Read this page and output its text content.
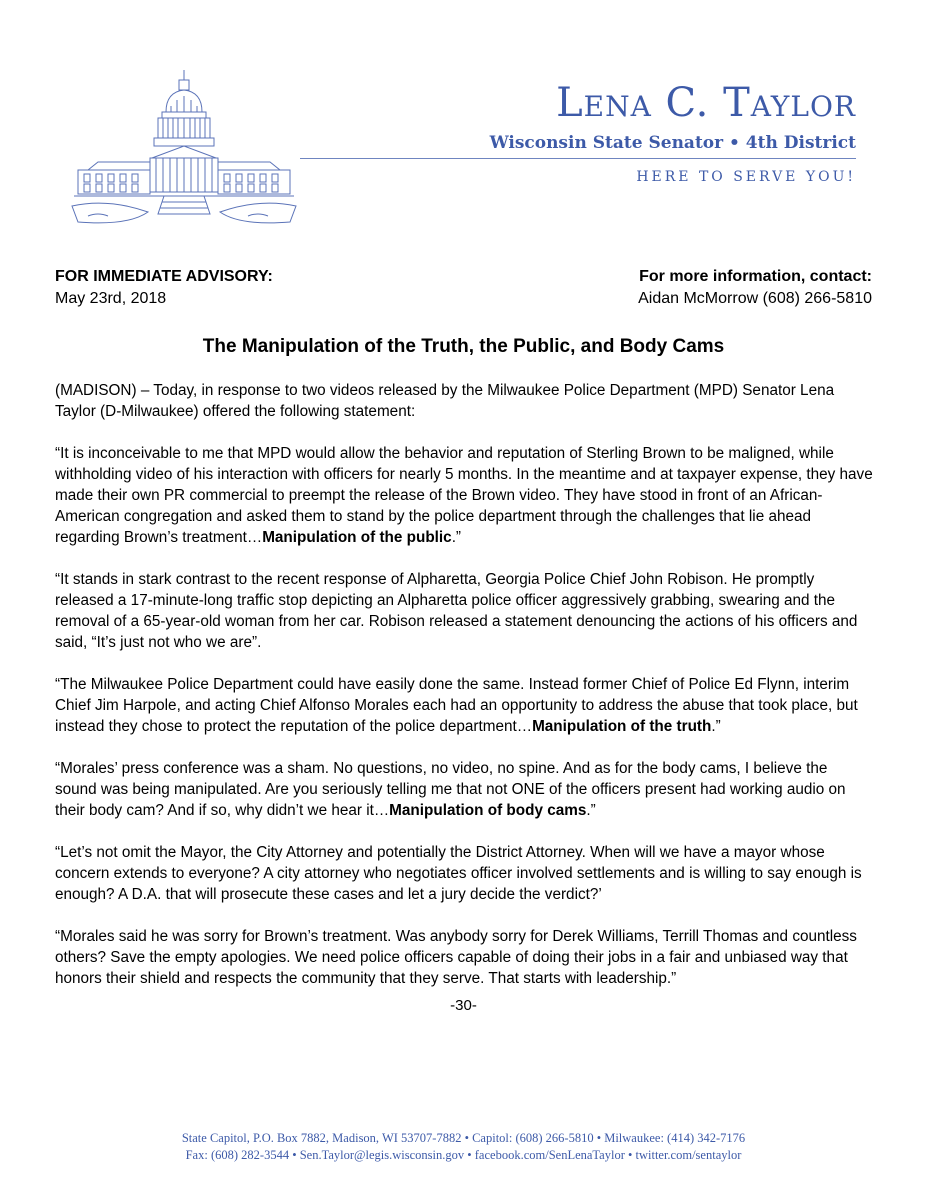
Lena C. Taylor
Wisconsin State Senator • 4th District
HERE TO SERVE YOU!
FOR IMMEDIATE ADVISORY:
May 23rd, 2018
For more information, contact:
Aidan McMorrow (608) 266-5810
The Manipulation of the Truth, the Public, and Body Cams

(MADISON) – Today, in response to two videos released by the Milwaukee Police Department (MPD) Senator Lena Taylor (D-Milwaukee) offered the following statement:

“It is inconceivable to me that MPD would allow the behavior and reputation of Sterling Brown to be maligned, while withholding video of his interaction with officers for nearly 5 months. In the meantime and at taxpayer expense, they have made their own PR commercial to preempt the release of the Brown video. They have stood in front of an African-American congregation and asked them to stand by the police department through the challenges that lie ahead regarding Brown’s treatment…Manipulation of the public.”

“It stands in stark contrast to the recent response of Alpharetta, Georgia Police Chief John Robison. He promptly released a 17-minute-long traffic stop depicting an Alpharetta police officer aggressively grabbing, swearing and the removal of a 65-year-old woman from her car. Robison released a statement denouncing the actions of his officers and said, “It’s just not who we are”.

“The Milwaukee Police Department could have easily done the same. Instead former Chief of Police Ed Flynn, interim Chief Jim Harpole, and acting Chief Alfonso Morales each had an opportunity to address the abuse that took place, but instead they chose to protect the reputation of the police department…Manipulation of the truth.”

“Morales’ press conference was a sham. No questions, no video, no spine. And as for the body cams, I believe the sound was being manipulated. Are you seriously telling me that not ONE of the officers present had working audio on their body cam? And if so, why didn’t we hear it…Manipulation of body cams.”

“Let’s not omit the Mayor, the City Attorney and potentially the District Attorney. When will we have a mayor whose concern extends to everyone? A city attorney who negotiates officer involved settlements and is willing to say enough is enough? A D.A. that will prosecute these cases and let a jury decide the verdict?’

“Morales said he was sorry for Brown’s treatment. Was anybody sorry for Derek Williams, Terrill Thomas and countless others? Save the empty apologies. We need police officers capable of doing their jobs in a fair and unbiased way that honors their shield and respects the community that they serve. That starts with leadership.”

-30-
State Capitol, P.O. Box 7882, Madison, WI 53707-7882 • Capitol: (608) 266-5810 • Milwaukee: (414) 342-7176
Fax: (608) 282-3544 • Sen.Taylor@legis.wisconsin.gov • facebook.com/SenLenaTaylor • twitter.com/sentaylor
